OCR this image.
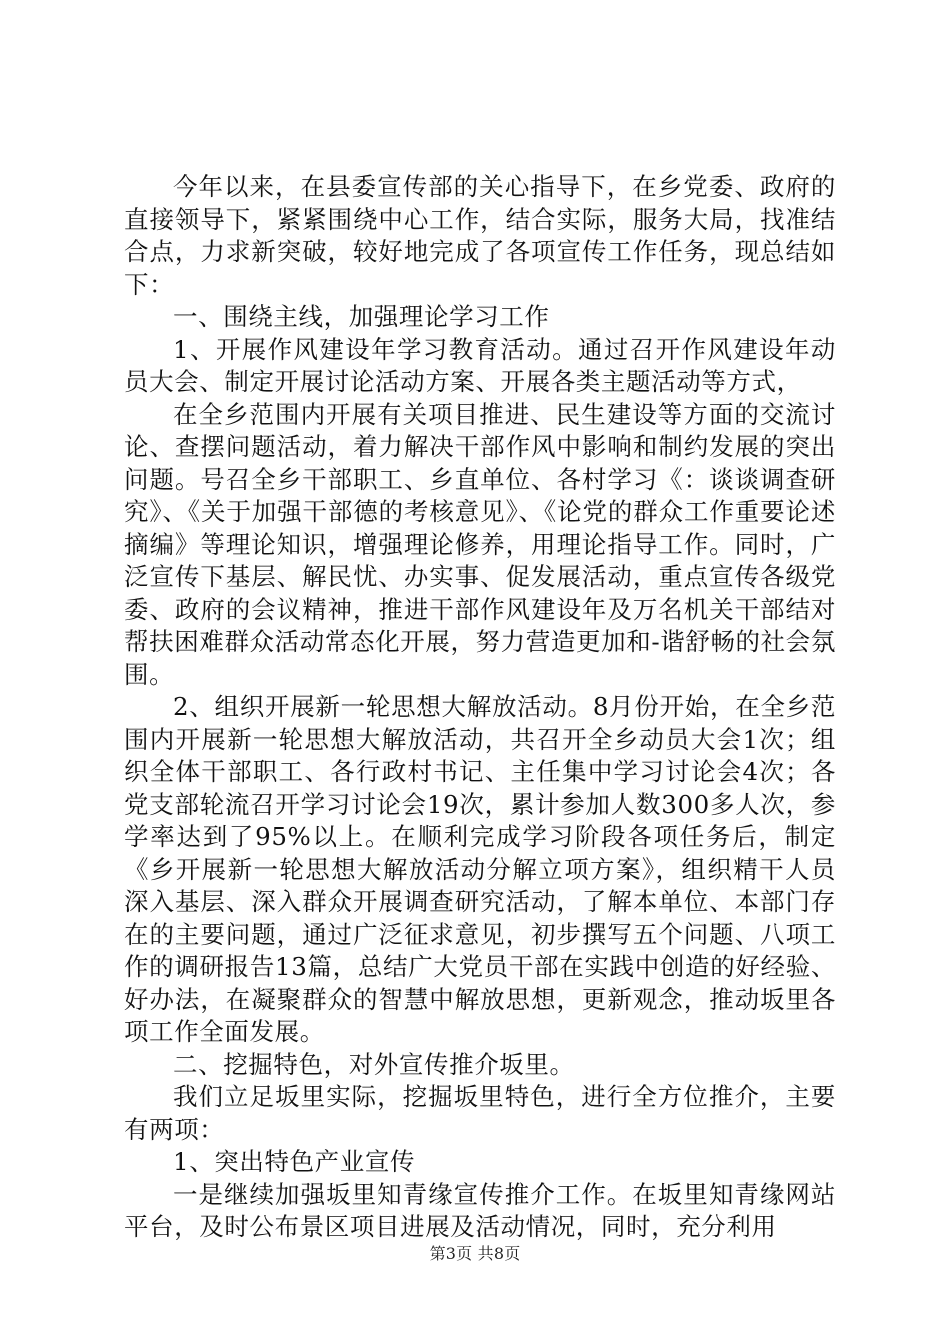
今年以来，在县委宣传部的关心指导下，在乡党委、政府的直接领导下，紧紧围绕中心工作，结合实际，服务大局，找准结合点，力求新突破，较好地完成了各项宣传工作任务，现总结如下：

一、围绕主线，加强理论学习工作

1、开展作风建设年学习教育活动。通过召开作风建设年动员大会、制定开展讨论活动方案、开展各类主题活动等方式，

在全乡范围内开展有关项目推进、民生建设等方面的交流讨论、查摆问题活动，着力解决干部作风中影响和制约发展的突出问题。号召全乡干部职工、乡直单位、各村学习《：谈谈调查研究》、《关于加强干部德的考核意见》、《论党的群众工作重要论述摘编》等理论知识，增强理论修养，用理论指导工作。同时，广泛宣传下基层、解民忧、办实事、促发展活动，重点宣传各级党委、政府的会议精神，推进干部作风建设年及万名机关干部结对帮扶困难群众活动常态化开展，努力营造更加和-谐舒畅的社会氛围。

2、组织开展新一轮思想大解放活动。8月份开始，在全乡范围内开展新一轮思想大解放活动，共召开全乡动员大会1次；组织全体干部职工、各行政村书记、主任集中学习讨论会4次；各党支部轮流召开学习讨论会19次，累计参加人数300多人次，参学率达到了95%以上。在顺利完成学习阶段各项任务后，制定《乡开展新一轮思想大解放活动分解立项方案》，组织精干人员深入基层、深入群众开展调查研究活动，了解本单位、本部门存在的主要问题，通过广泛征求意见，初步撰写五个问题、八项工作的调研报告13篇，总结广大党员干部在实践中创造的好经验、好办法，在凝聚群众的智慧中解放思想，更新观念，推动坂里各项工作全面发展。

二、挖掘特色，对外宣传推介坂里。

我们立足坂里实际，挖掘坂里特色，进行全方位推介，主要有两项：

1、突出特色产业宣传

一是继续加强坂里知青缘宣传推介工作。在坂里知青缘网站平台，及时公布景区项目进展及活动情况，同时，充分利用

第3页 共8页
